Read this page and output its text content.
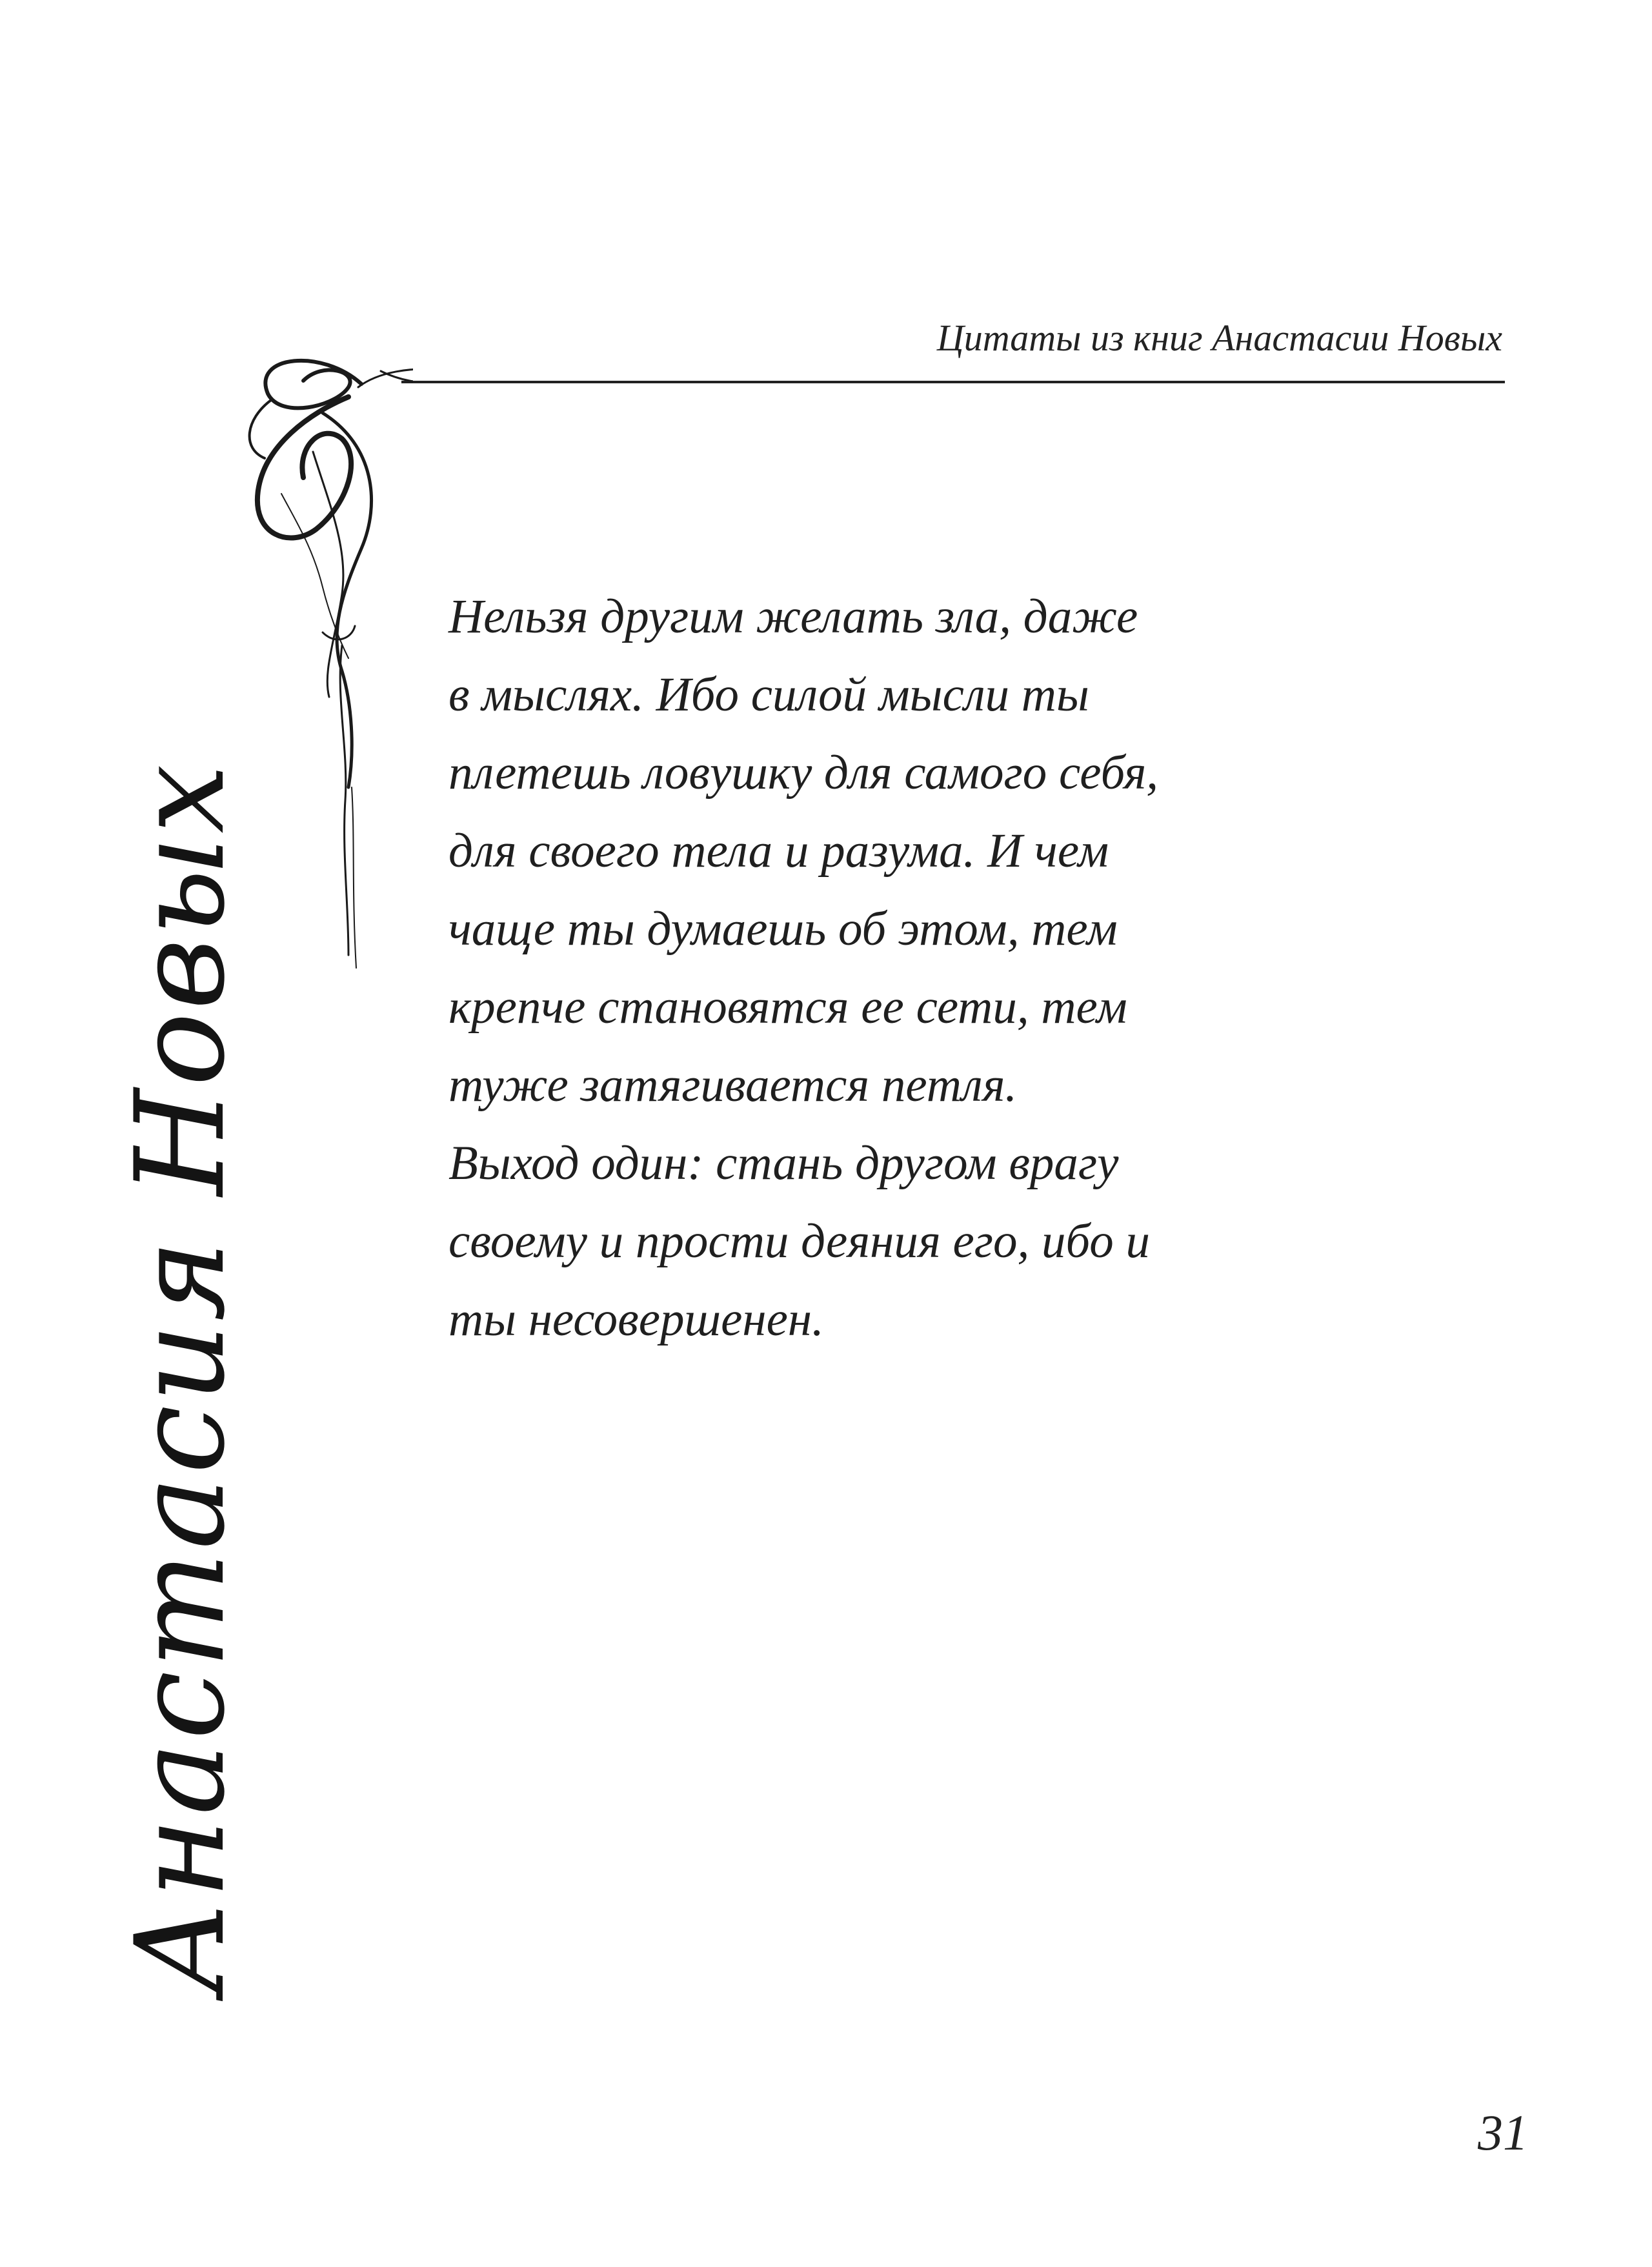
Цитаты из книг Анастасии Новых
Анастасия Новых
Нельзя другим желать зла, даже
в мыслях. Ибо силой мысли ты
плетешь ловушку для самого себя,
для своего тела и разума. И чем
чаще ты думаешь об этом, тем
крепче становятся ее сети, тем
туже затягивается петля.
Выход один: стань другом врагу
своему и прости деяния его, ибо и
ты несовершенен.
31
